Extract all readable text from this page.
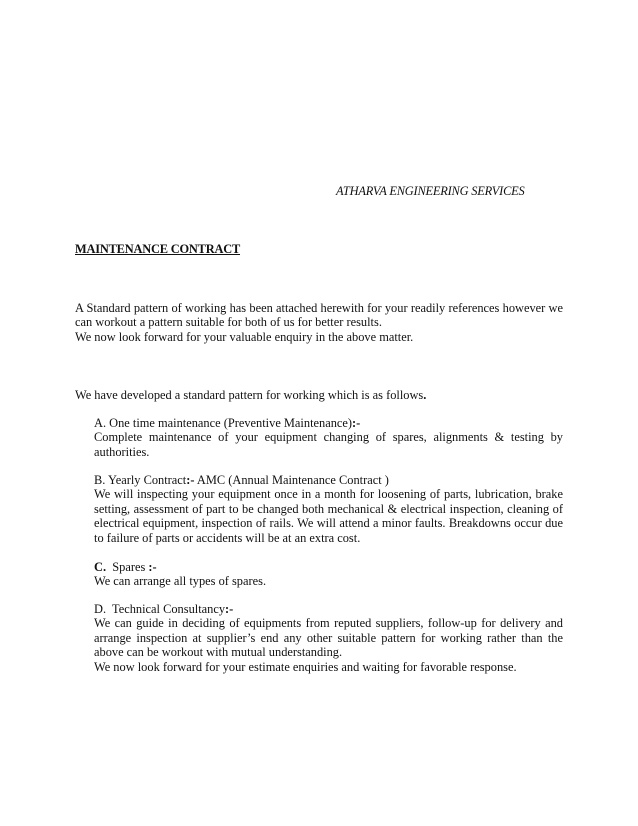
ATHARVA ENGINEERING SERVICES
MAINTENANCE CONTRACT

A Standard pattern of working has been attached herewith for your readily references however we can workout a pattern suitable for both of us for better results.

We now look forward for your valuable enquiry in the above matter.

We have developed a standard pattern for working which is as follows.

A. One time maintenance (Preventive Maintenance):-

Complete maintenance of your equipment changing of spares, alignments & testing by authorities.

B. Yearly Contract:- AMC (Annual Maintenance Contract )

We will inspecting your equipment once in a month for loosening of parts, lubrication, brake setting, assessment of part to be changed both mechanical & electrical inspection, cleaning of electrical equipment, inspection of rails. We will attend a minor faults. Breakdowns occur due to failure of parts or accidents will be at an extra cost.

C.  Spares :-

We can arrange all types of spares.

D.  Technical Consultancy:-

We can guide in deciding of equipments from reputed suppliers, follow-up for delivery and arrange inspection at supplier’s end any other suitable pattern for working rather than the above can be workout with mutual understanding.

We now look forward for your estimate enquiries and waiting for favorable response.
